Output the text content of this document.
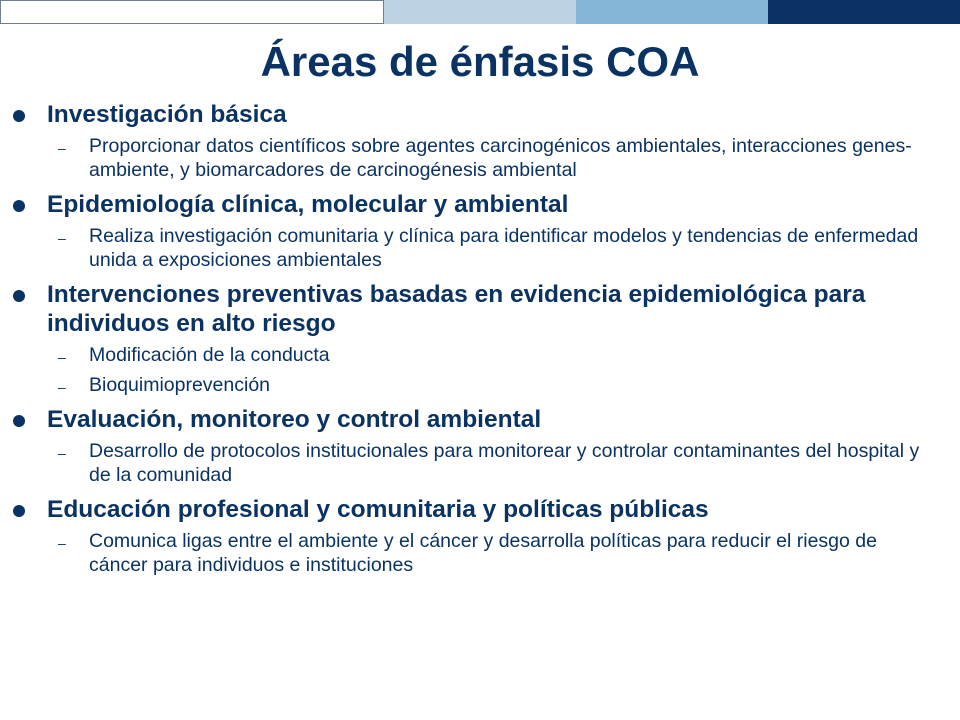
Áreas de énfasis COA
Investigación básica
– Proporcionar datos científicos sobre agentes carcinogénicos ambientales, interacciones genes-ambiente, y biomarcadores de carcinogénesis ambiental
Epidemiología clínica, molecular y ambiental
– Realiza investigación comunitaria y clínica para identificar modelos y tendencias de enfermedad unida a exposiciones ambientales
Intervenciones preventivas basadas en evidencia epidemiológica para individuos en alto riesgo
– Modificación de la conducta
– Bioquimioprevención
Evaluación, monitoreo y control ambiental
– Desarrollo de protocolos institucionales para monitorear y controlar contaminantes del hospital y de la comunidad
Educación profesional y comunitaria y políticas públicas
– Comunica ligas entre el ambiente y el cáncer y desarrolla políticas para reducir el riesgo de cáncer para individuos e instituciones
